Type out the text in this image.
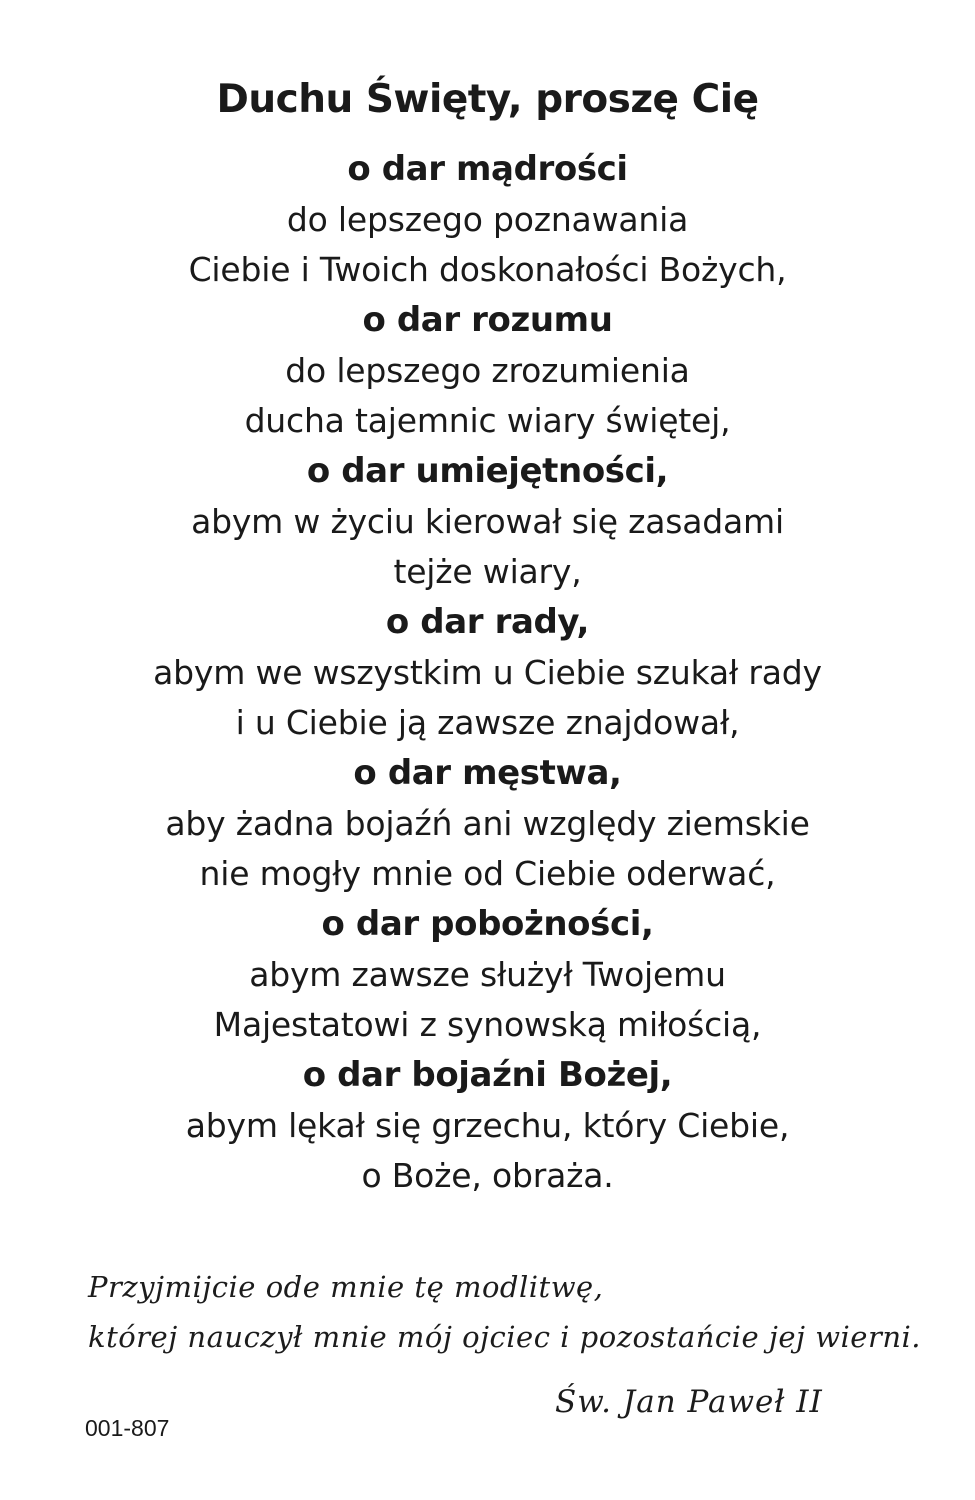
Duchu Święty, proszę Cię
o dar mądrości
do lepszego poznawania
Ciebie i Twoich doskonałości Bożych,
o dar rozumu
do lepszego zrozumienia
ducha tajemnic wiary świętej,
o dar umiejętności,
abym w życiu kierował się zasadami
tejże wiary,
o dar rady,
abym we wszystkim u Ciebie szukał rady
i u Ciebie ją zawsze znajdował,
o dar męstwa,
aby żadna bojaźń ani względy ziemskie
nie mogły mnie od Ciebie oderwać,
o dar pobożności,
abym zawsze służył Twojemu
Majestatowi z synowską miłością,
o dar bojaźni Bożej,
abym lękał się grzechu, który Ciebie,
o Boże, obraża.
Przyjmijcie ode mnie tę modlitwę,
której nauczył mnie mój ojciec i pozostańcie jej wierni.
Św. Jan Paweł II
001-807
